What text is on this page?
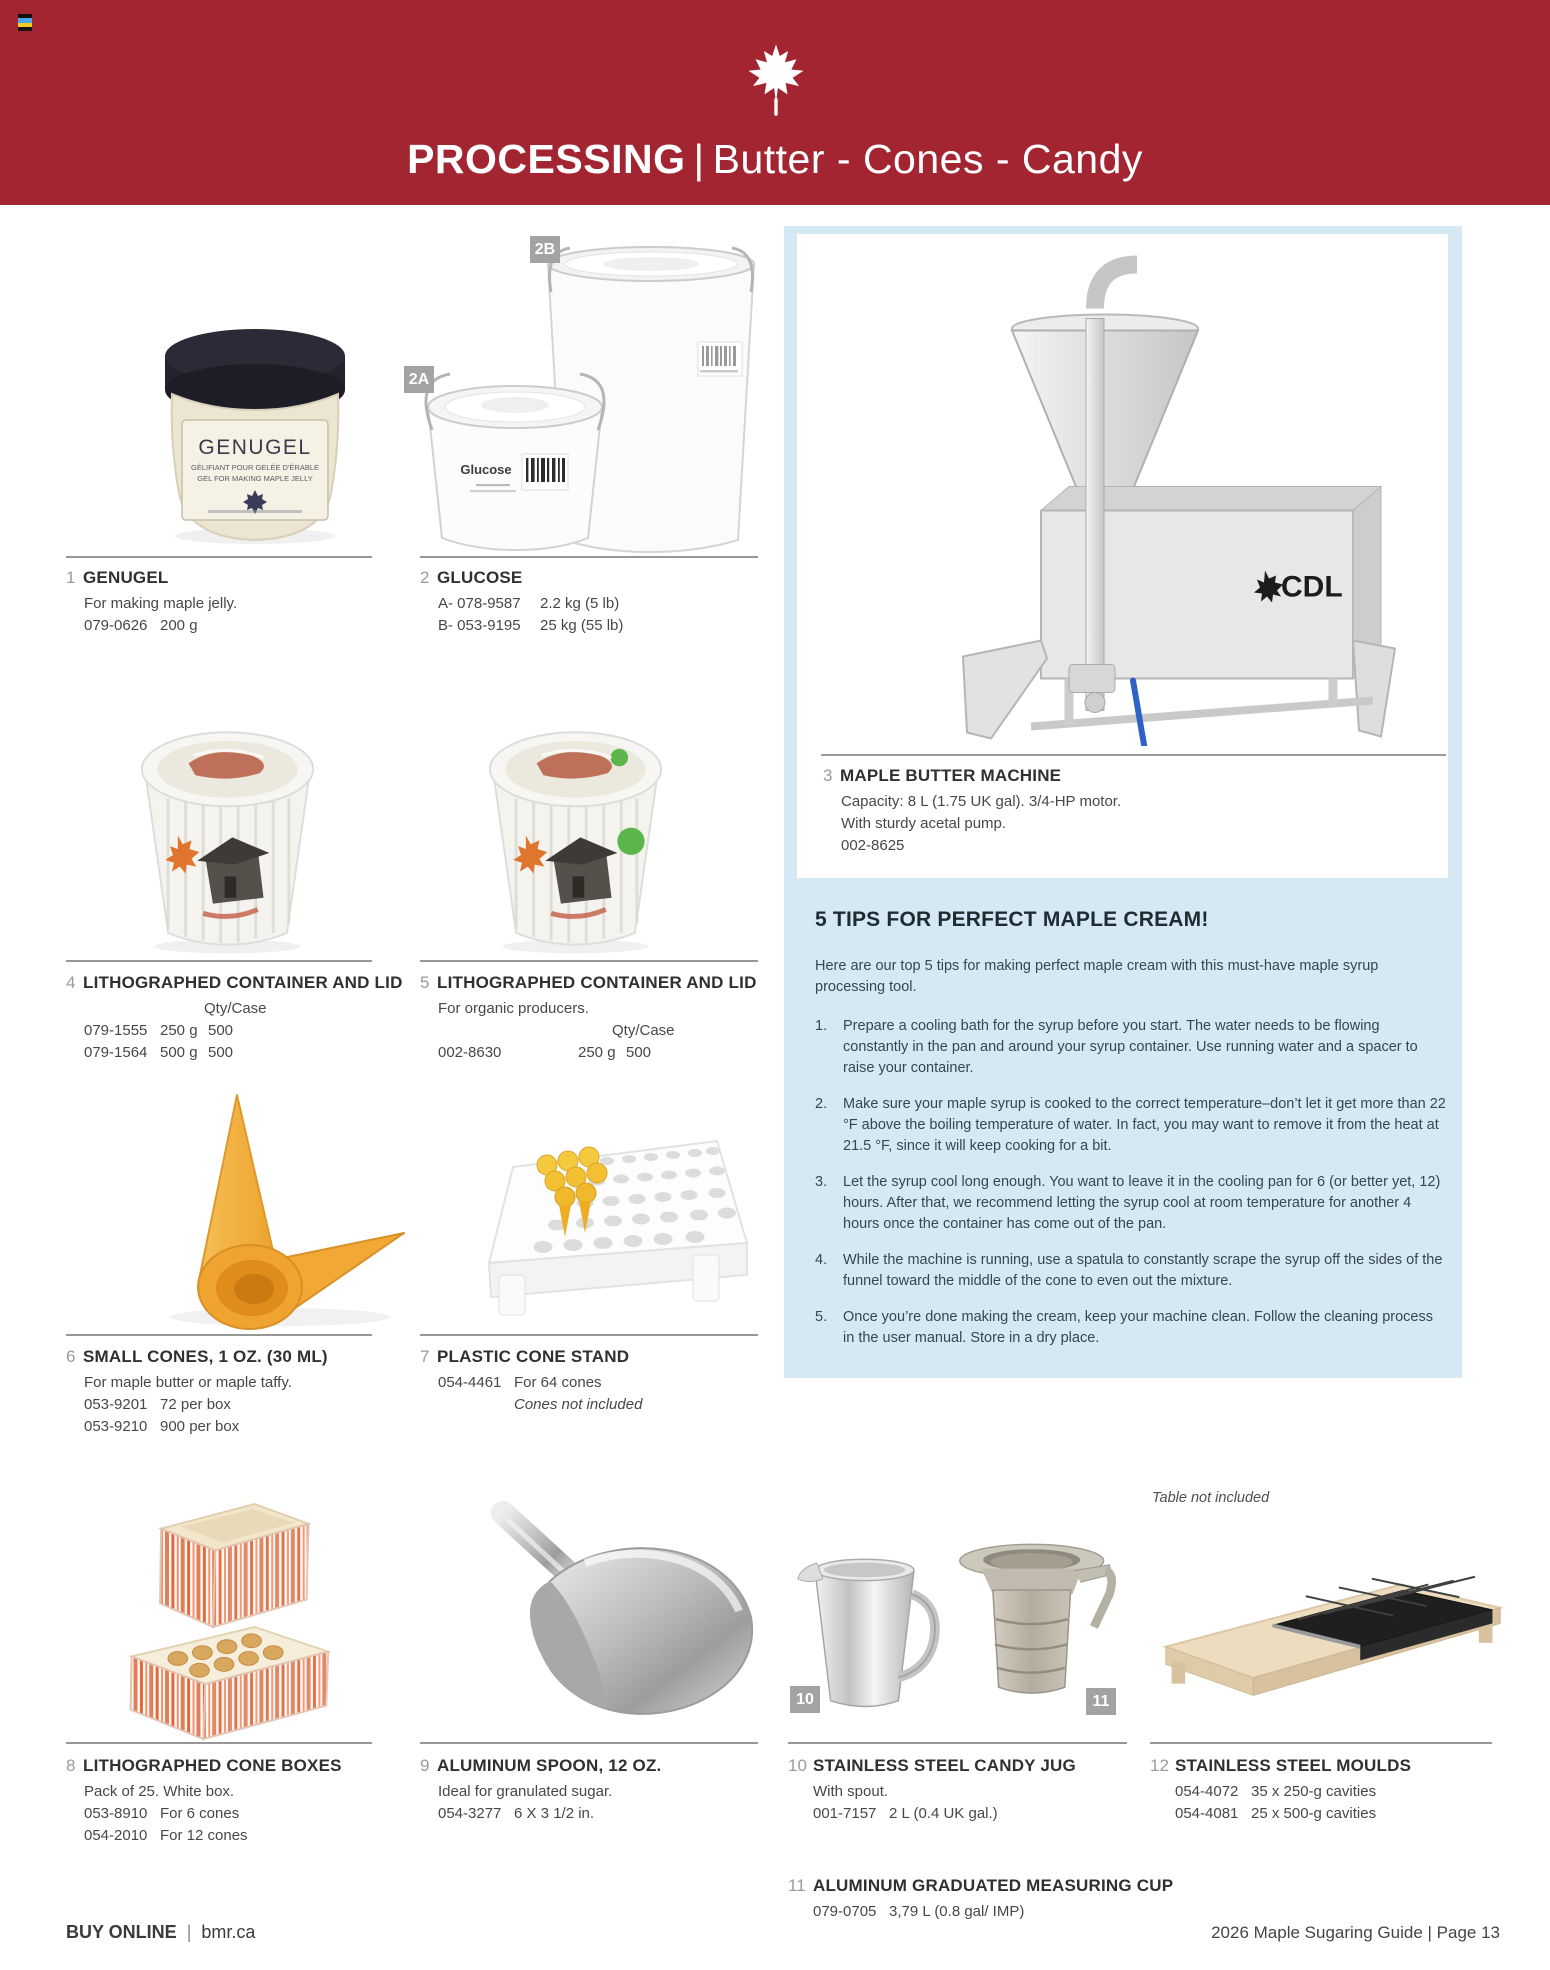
PROCESSING | Butter - Cones - Candy
GENUGEL
GÉLIFIANT POUR GELÉE D'ÉRABLE
GEL FOR MAKING MAPLE JELLY
Glucose
2A
2B
1 GENUGEL
For making maple jelly.
079-0626 200 g
2 GLUCOSE
A- 078-9587 2.2 kg (5 lb)
B- 053-9195 25 kg (55 lb)
CDL
3 MAPLE BUTTER MACHINE
Capacity: 8 L (1.75 UK gal). 3/4-HP motor.
With sturdy acetal pump.
002-8625
5 TIPS FOR PERFECT MAPLE CREAM!
Here are our top 5 tips for making perfect maple cream with this must-have maple syrup processing tool.
1.	Prepare a cooling bath for the syrup before you start. The water needs to be flowing constantly in the pan and around your syrup container. Use running water and a spacer to raise your container.
2.	Make sure your maple syrup is cooked to the correct temperature–don’t let it get more than 22 °F above the boiling temperature of water. In fact, you may want to remove it from the heat at 21.5 °F, since it will keep cooking for a bit.
3.	Let the syrup cool long enough. You want to leave it in the cooling pan for 6 (or better yet, 12) hours. After that, we recommend letting the syrup cool at room temperature for another 4 hours once the container has come out of the pan.
4.	While the machine is running, use a spatula to constantly scrape the syrup off the sides of the funnel toward the middle of the cone to even out the mixture.
5.	Once you’re done making the cream, keep your machine clean. Follow the cleaning process in the user manual. Store in a dry place.
4 LITHOGRAPHED CONTAINER AND LID
Qty/Case
079-1555 250 g 500
079-1564 500 g 500
5 LITHOGRAPHED CONTAINER AND LID
For organic producers.
Qty/Case
002-8630	250 g 500
6 SMALL CONES, 1 OZ. (30 ML)
For maple butter or maple taffy.
053-9201 72 per box
053-9210 900 per box
7 PLASTIC CONE STAND
054-4461 For 64 cones
Cones not included
Table not included
10	11
8 LITHOGRAPHED CONE BOXES
Pack of 25. White box.
053-8910 For 6 cones
054-2010 For 12 cones
9 ALUMINUM SPOON, 12 OZ.
Ideal for granulated sugar.
054-3277 6 X 3 1/2 in.
10 STAINLESS STEEL CANDY JUG
With spout.
001-7157 2 L (0.4 UK gal.)
11 ALUMINUM GRADUATED MEASURING CUP
079-0705 3,79 L (0.8 gal/ IMP)
12 STAINLESS STEEL MOULDS
054-4072 35 x 250-g cavities
054-4081 25 x 500-g cavities
BUY ONLINE | bmr.ca	2026 Maple Sugaring Guide | Page 13
